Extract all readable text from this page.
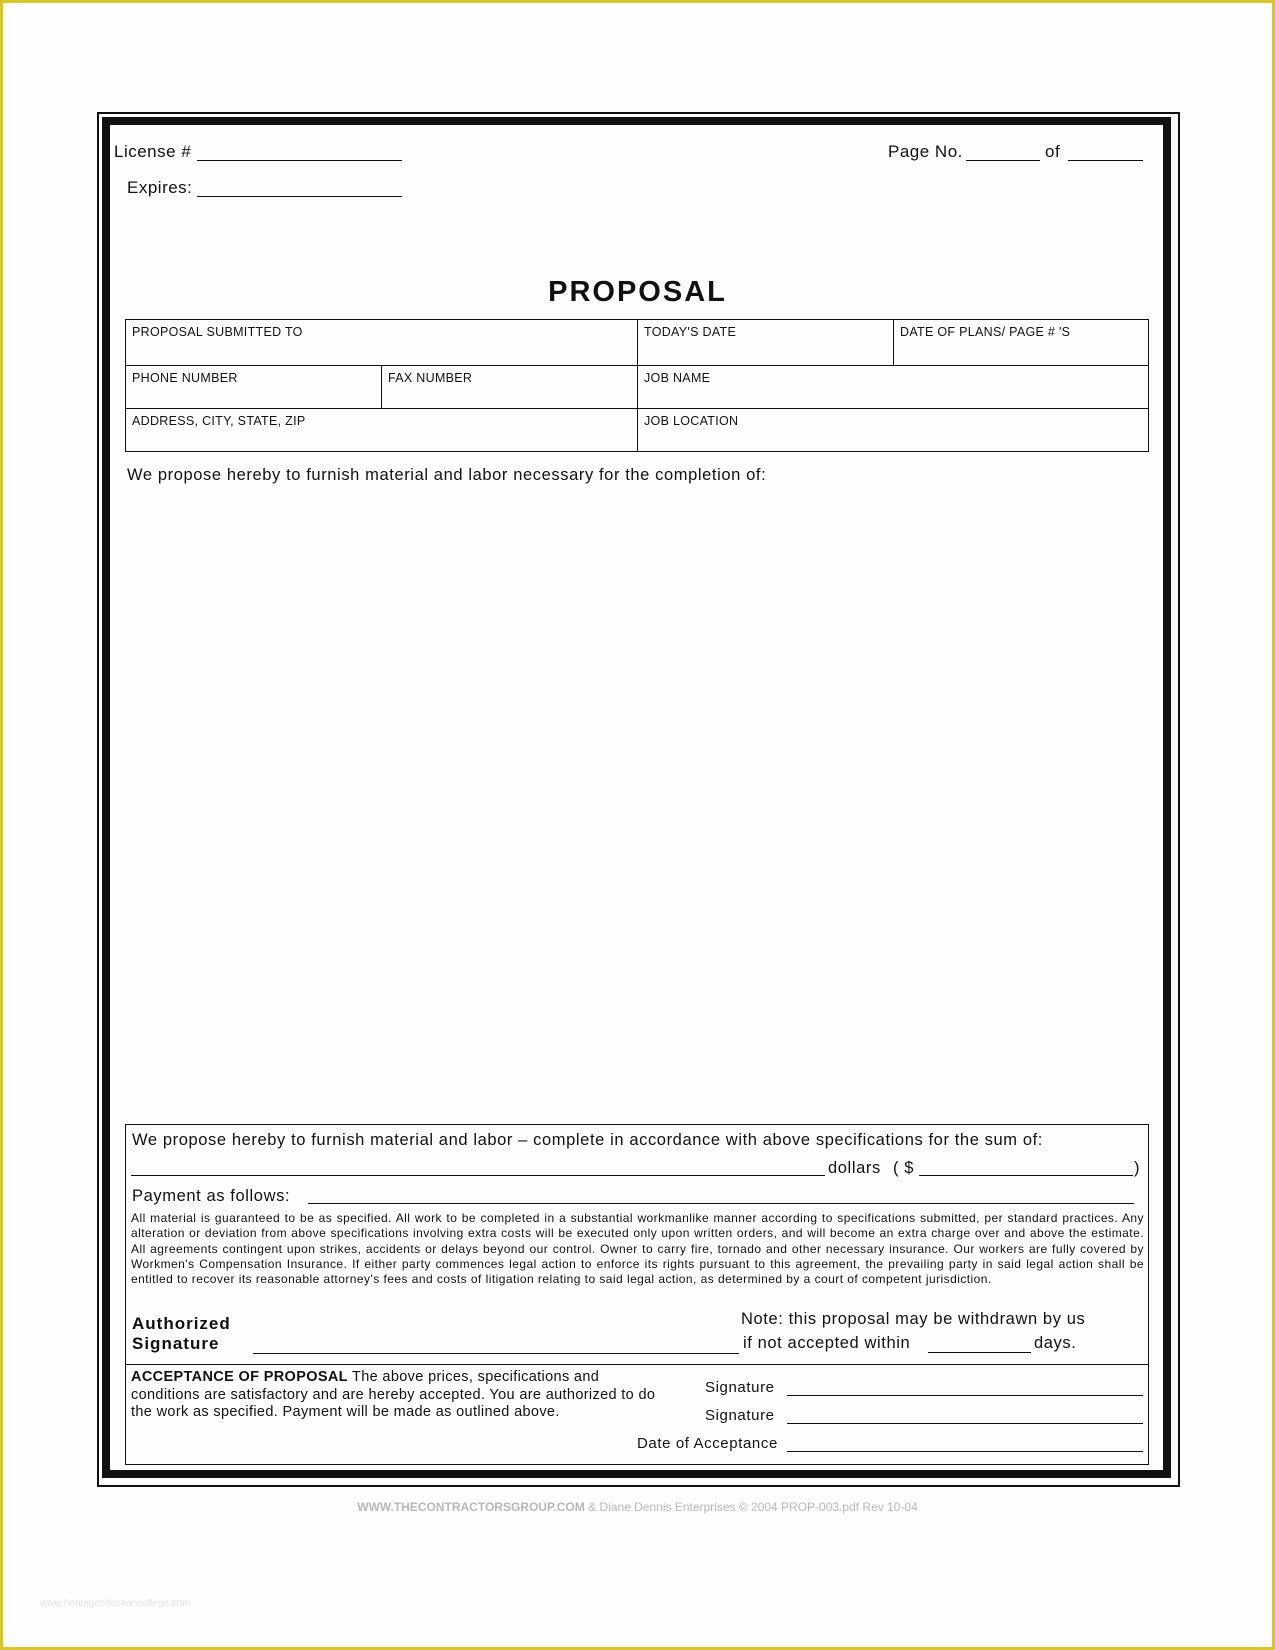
License #
Expires:
Page No.	of
PROPOSAL
PROPOSAL SUBMITTED TO	TODAY'S DATE	DATE OF PLANS/ PAGE # 'S
PHONE NUMBER	FAX NUMBER	JOB NAME
ADDRESS, CITY, STATE, ZIP	JOB LOCATION
We propose hereby to furnish material and labor necessary for the completion of:
We propose hereby to furnish material and labor – complete in accordance with above specifications for the sum of:
dollars ( $	)
Payment as follows:
All material is guaranteed to be as specified. All work to be completed in a substantial workmanlike manner according to specifications submitted, per standard practices. Any alteration or deviation from above specifications involving extra costs will be executed only upon written orders, and will become an extra charge over and above the estimate. All agreements contingent upon strikes, accidents or delays beyond our control. Owner to carry fire, tornado and other necessary insurance. Our workers are fully covered by Workmen's Compensation Insurance. If either party commences legal action to enforce its rights pursuant to this agreement, the prevailing party in said legal action shall be entitled to recover its reasonable attorney's fees and costs of litigation relating to said legal action, as determined by a court of competent jurisdiction.
Authorized
Signature
Note: this proposal may be withdrawn by us
if not accepted within	days.
ACCEPTANCE OF PROPOSAL The above prices, specifications and conditions are satisfactory and are hereby accepted. You are authorized to do the work as specified. Payment will be made as outlined above.
Signature
Signature
Date of Acceptance
WWW.THECONTRACTORSGROUP.COM & Diane Dennis Enterprises © 2004 PROP-003.pdf Rev 10-04
www.heritagechristiancollege.com
